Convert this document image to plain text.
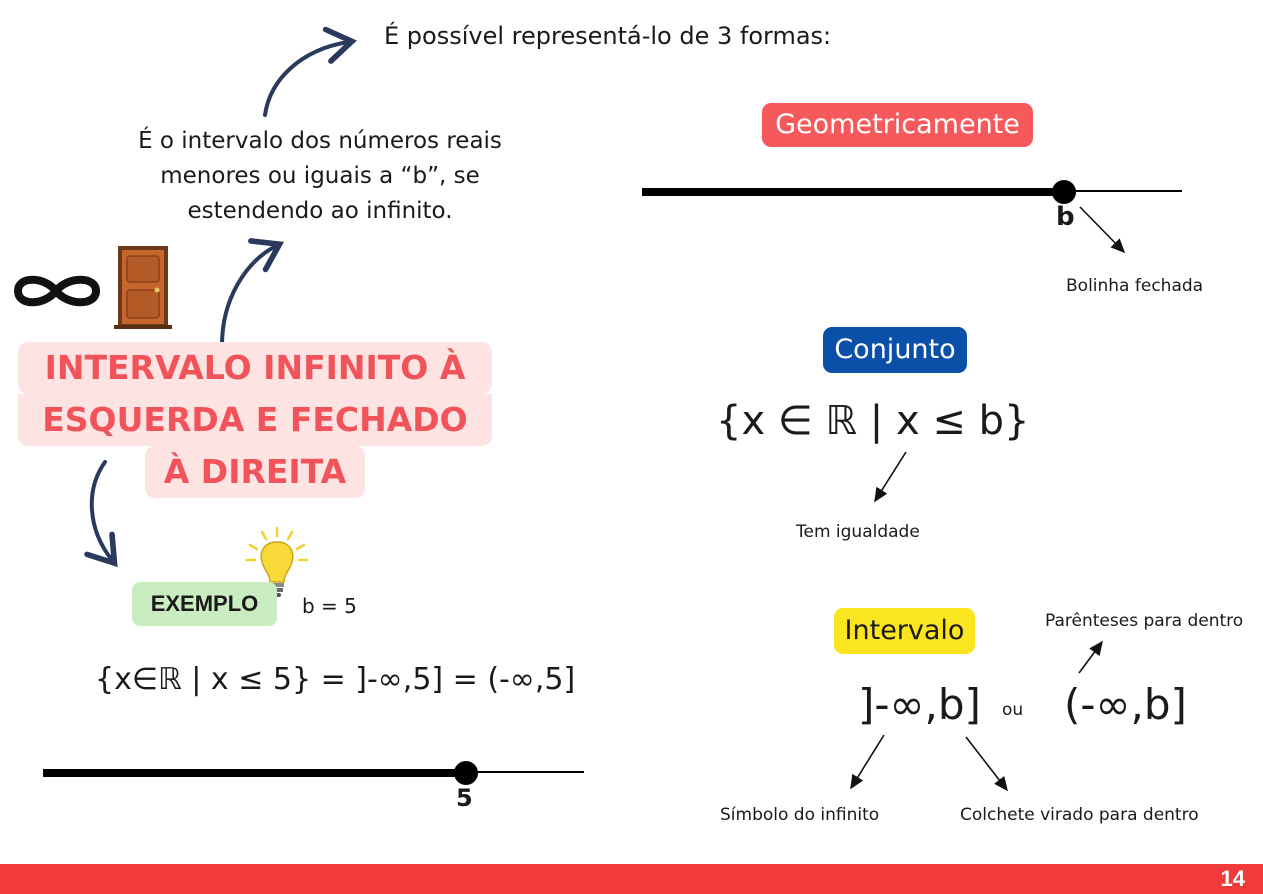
É possível representá-lo de 3 formas:
É o intervalo dos números reais menores ou iguais a “b”, se estendendo ao infinito.
INTERVALO INFINITO À
ESQUERDA E FECHADO
À DIREITA
EXEMPLO	b = 5
{x∈ℝ | x ≤ 5} = ]-∞,5] = (-∞,5]
5
Geometricamente
b
Bolinha fechada
Conjunto
{x ∈ ℝ | x ≤ b}
Tem igualdade
Intervalo	Parênteses para dentro
]-∞,b] ou (-∞,b]
Símbolo do infinito	Colchete virado para dentro
14
